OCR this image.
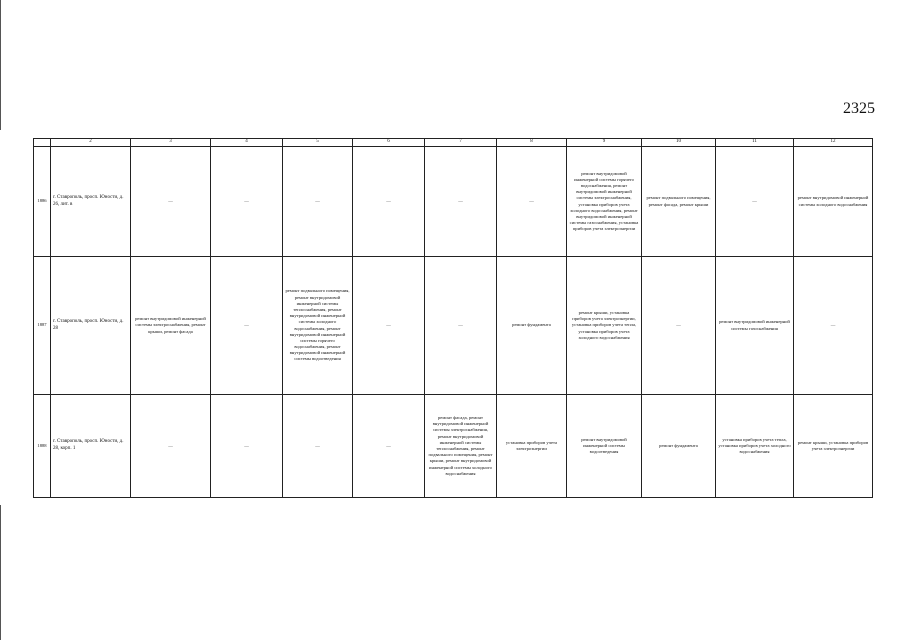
2325
	2	3	4	5	6	7	8	9	10	11	12
1886	г. Ставрополь, просп. Юности, д. 26, лит. в	—	—	—	—	—	—	ремонт внутридомовой инженерной системы горячего водоснабжения, ремонт внутридомовой инженерной системы электроснабжения, установка приборов учета холодного водоснабжения, ремонт внутридомовой инженерной системы газоснабжения, установка приборов учета электроэнергии	ремонт подвального помещения, ремонт фасада, ремонт крыши	—	ремонт внутридомовой инженерной системы холодного водоснабжения
1887	г. Ставрополь, просп. Юности, д. 28	ремонт внутридомовой инженерной системы электроснабжения, ремонт крыши, ремонт фасада	—	ремонт подвального помещения, ремонт внутридомовой инженерной системы теплоснабжения, ремонт внутридомовой инженерной системы холодного водоснабжения, ремонт внутридомовой инженерной системы горячего водоснабжения, ремонт внутридомовой инженерной системы водоотведения	—	—	ремонт фундамента	ремонт крыши, установка приборов учета электроэнергии, установка приборов учета тепла, установка приборов учета холодного водоснабжения	—	ремонт внутридомовой инженерной системы газоснабжения	—
1888	г. Ставрополь, просп. Юности, д. 28, корп. 1	—	—	—	—	ремонт фасада, ремонт внутридомовой инженерной системы электроснабжения, ремонт внутридомовой инженерной системы теплоснабжения, ремонт подвального помещения, ремонт крыши, ремонт внутридомовой инженерной системы холодного водоснабжения	установка приборов учета электроэнергии	ремонт внутридомовой инженерной системы водоотведения	ремонт фундамента	установка приборов учета тепла, установка приборов учета холодного водоснабжения	ремонт крыши, установка приборов учета электроэнергии
